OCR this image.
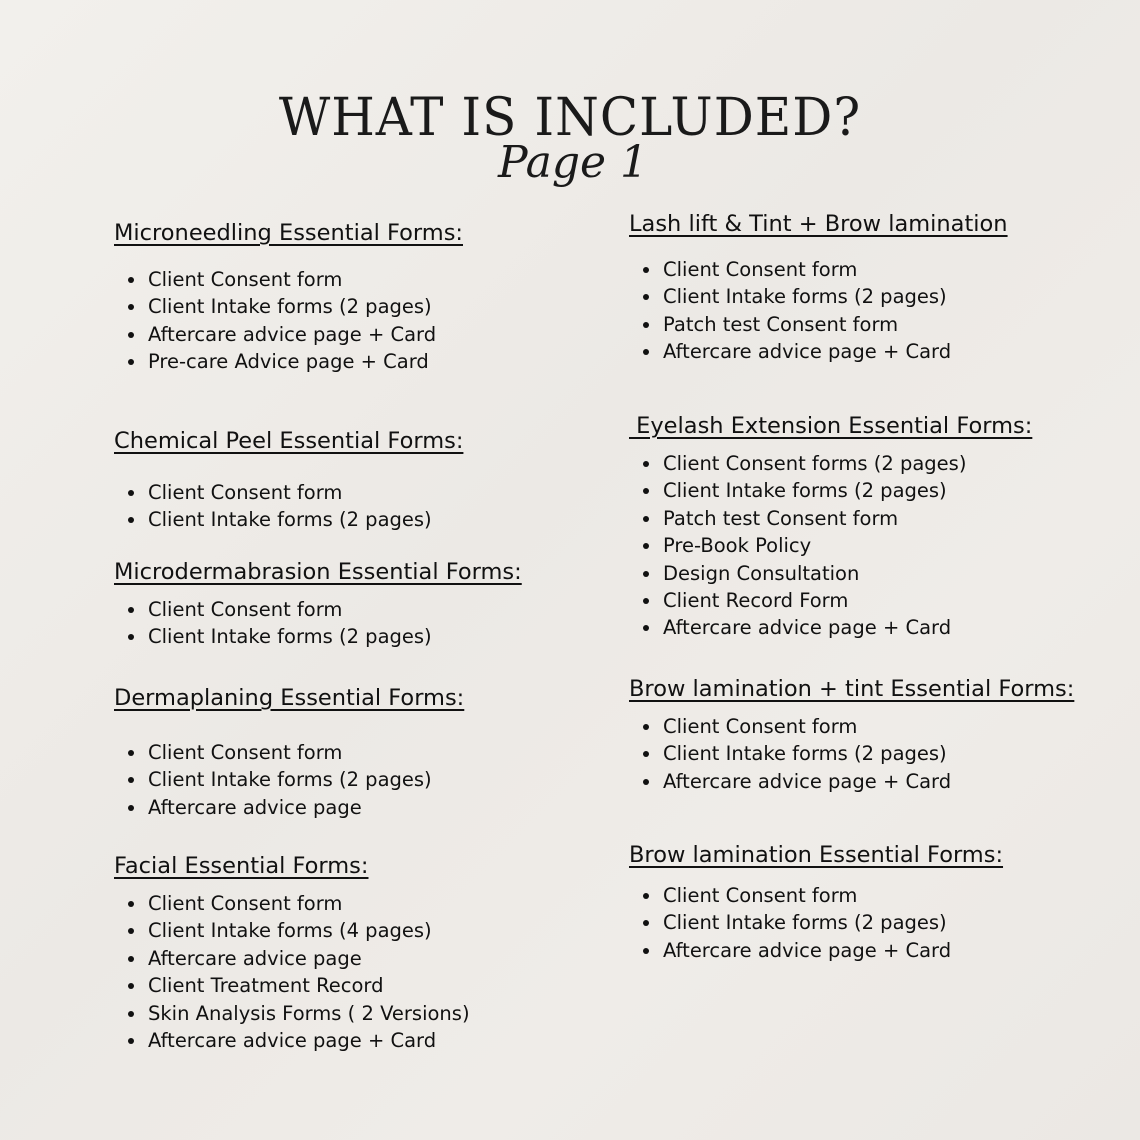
WHAT IS INCLUDED?
Page 1
Microneedling Essential Forms:
Client Consent form
Client Intake forms (2 pages)
Aftercare advice page + Card
Pre-care Advice page + Card
Chemical Peel Essential Forms:
Client Consent form
Client Intake forms (2 pages)
Microdermabrasion Essential Forms:
Client Consent form
Client Intake forms (2 pages)
Dermaplaning Essential Forms:
Client Consent form
Client Intake forms (2 pages)
Aftercare advice page
Facial Essential Forms:
Client Consent form
Client Intake forms (4 pages)
Aftercare advice page
Client Treatment Record
Skin Analysis Forms ( 2 Versions)
Aftercare advice page + Card
Lash lift & Tint + Brow lamination
Client Consent form
Client Intake forms (2 pages)
Patch test Consent form
Aftercare advice page + Card
Eyelash Extension Essential Forms:
Client Consent forms (2 pages)
Client Intake forms (2 pages)
Patch test Consent form
Pre-Book Policy
Design Consultation
Client Record Form
Aftercare advice page + Card
Brow lamination + tint Essential Forms:
Client Consent form
Client Intake forms (2 pages)
Aftercare advice page + Card
Brow lamination Essential Forms:
Client Consent form
Client Intake forms (2 pages)
Aftercare advice page + Card
